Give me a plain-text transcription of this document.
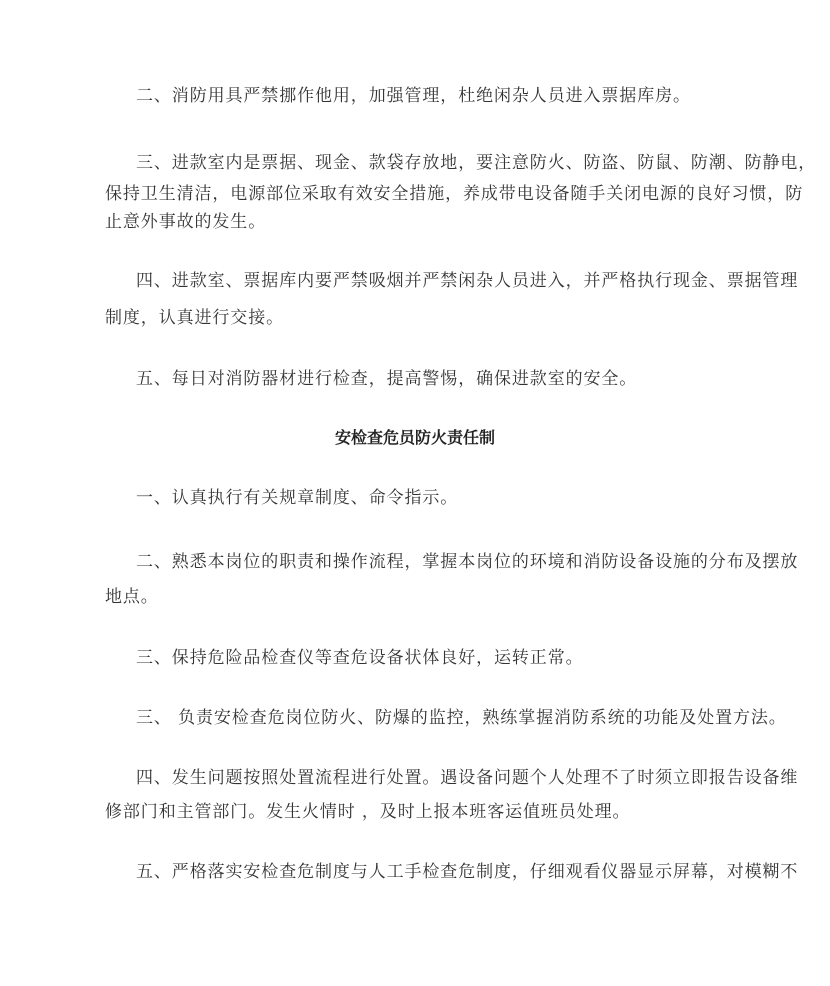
二、消防用具严禁挪作他用，加强管理，杜绝闲杂人员进入票据库房。
三、进款室内是票据、现金、款袋存放地，要注意防火、防盗、防鼠、防潮、防静电，
保持卫生清洁，电源部位采取有效安全措施，养成带电设备随手关闭电源的良好习惯，防
止意外事故的发生。
四、进款室、票据库内要严禁吸烟并严禁闲杂人员进入，并严格执行现金、票据管理
制度，认真进行交接。
五、每日对消防器材进行检查，提高警惕，确保进款室的安全。
安检查危员防火责任制
一、认真执行有关规章制度、命令指示。
二、熟悉本岗位的职责和操作流程，掌握本岗位的环境和消防设备设施的分布及摆放
地点。
三、保持危险品检查仪等查危设备状体良好，运转正常。
三、 负责安检查危岗位防火、防爆的监控，熟练掌握消防系统的功能及处置方法。
四、发生问题按照处置流程进行处置。遇设备问题个人处理不了时须立即报告设备维
修部门和主管部门。发生火情时 ，及时上报本班客运值班员处理。
五、严格落实安检查危制度与人工手检查危制度，仔细观看仪器显示屏幕，对模糊不
